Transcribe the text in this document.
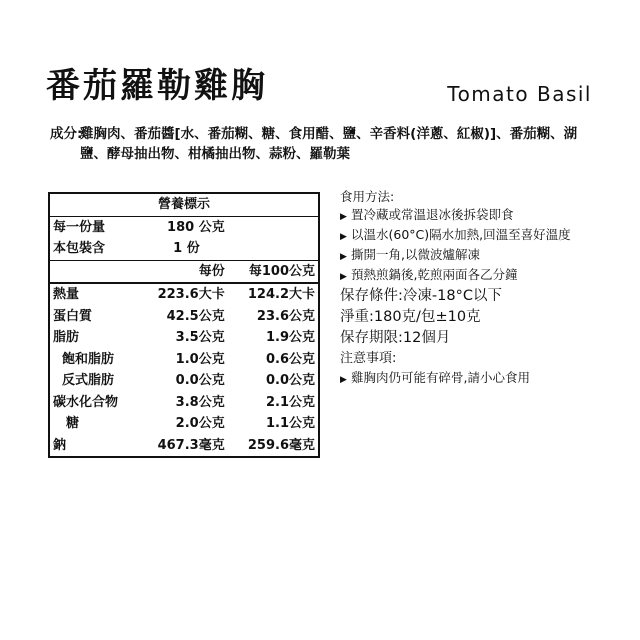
番茄羅勒雞胸	Tomato Basil
成分:
雞胸肉、番茄醬[水、番茄糊、糖、食用醋、鹽、辛香料(洋蔥、紅椒)]、番茄糊、湖鹽、酵母抽出物、柑橘抽出物、蒜粉、羅勒葉
營養標示		
每一份量	180 公克	
本包裝含	1 份	
	每份	每100公克
熱量	223.6大卡	124.2大卡
蛋白質	42.5公克	23.6公克
脂肪	3.5公克	1.9公克
飽和脂肪	1.0公克	0.6公克
反式脂肪	0.0公克	0.0公克
碳水化合物	3.8公克	2.1公克
糖	2.0公克	1.1公克
鈉	467.3毫克	259.6毫克

食用方法:

▶ 置冷藏或常溫退冰後拆袋即食
▶ 以溫水(60°C)隔水加熱,回溫至喜好溫度
▶ 撕開一角,以微波爐解凍
▶ 預熱煎鍋後,乾煎兩面各乙分鐘

保存條件:冷凍-18°C以下

淨重:180克/包±10克

保存期限:12個月

注意事項:

▶ 雞胸肉仍可能有碎骨,請小心食用
